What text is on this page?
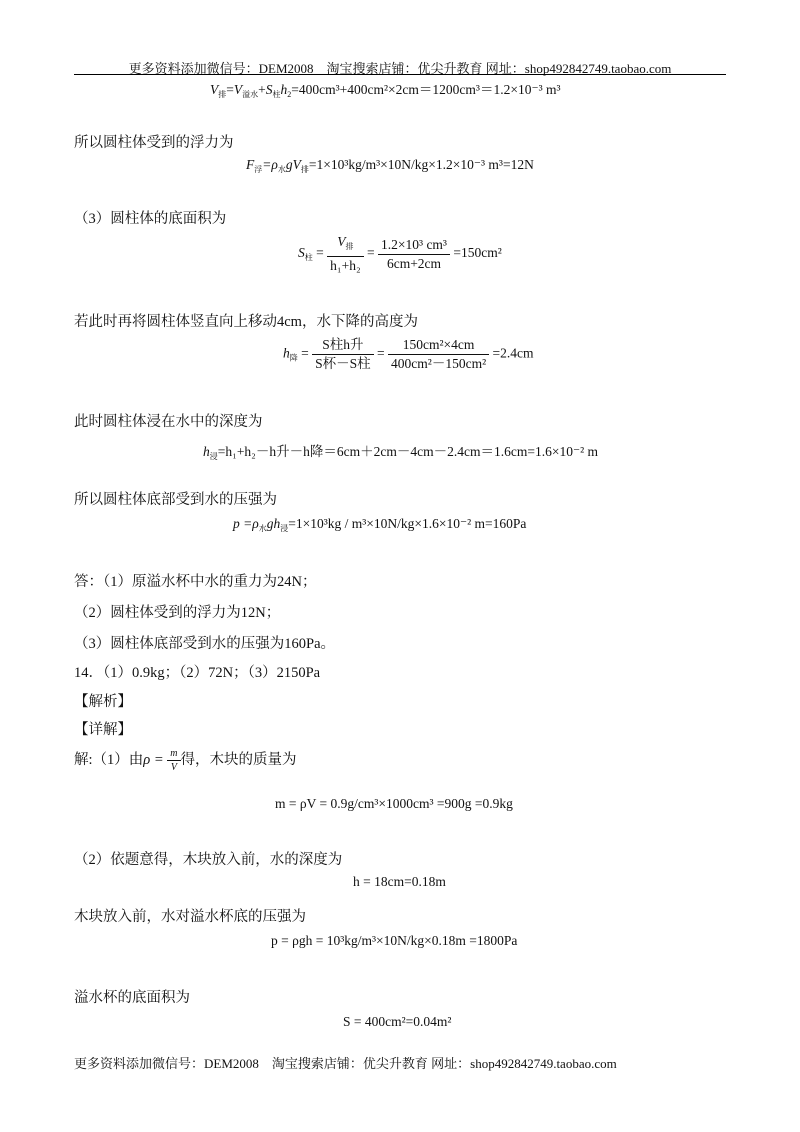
更多资料添加微信号：DEM2008　淘宝搜索店铺：优尖升教育 网址：shop492842749.taobao.com
$V_排=V_{溢水}+S_柱h_2=400cm^3+400cm^2\times 2cm=1200cm^3=1.2\times 10^{-3}$ m³
所以圆柱体受到的浮力为
$F_浮=\rho_水gV_排=1\times 10^3kg/m^3\times 10N/kg\times 1.2\times 10^{-3}$ m³=12N
（3）圆柱体的底面积为
$S_柱 = \frac{V_排}{\text{h₁+h₂}} = \frac{\text{1.2×10³ cm³}}{6cm+2cm} =150cm^2$
若此时再将圆柱体竖直向上移动4cm，水下降的高度为
$h_降 = \frac{\text{S柱h升}}{\text{S杯－S柱}} = \frac{\text{150cm²×4cm}}{\text{400cm²－150cm²}} =2.4cm$
此时圆柱体浸在水中的深度为
$h_浸=h_1+h_2-h$升－h降＝6cm＋2cm－4cm－2.4cm＝1.6cm=1.6×10⁻² m
所以圆柱体底部受到水的压强为
$p =\rho_水gh_浸=1\times 10^3kg / m^3\times 10N/kg\times 1.6\times 10^{-2}$ m=160Pa
答：（1）原溢水杯中水的重力为24N；
（2）圆柱体受到的浮力为12N；
（3）圆柱体底部受到水的压强为160Pa。
14．（1）0.9kg；（2）72N；（3）2150Pa
【解析】
【详解】
解:（1）由$\rho = \frac{m}{V}$ 得，木块的质量为
m = ρV = 0.9g/cm³×1000cm³ =900g =0.9kg
（2）依题意得，木块放入前，水的深度为
h = 18cm=0.18m
木块放入前，水对溢水杯底的压强为
p = ρgh = 10³kg/m³×10N/kg×0.18m =1800Pa
溢水杯的底面积为
S = 400cm²=0.04m²
更多资料添加微信号：DEM2008　淘宝搜索店铺：优尖升教育 网址：shop492842749.taobao.com
